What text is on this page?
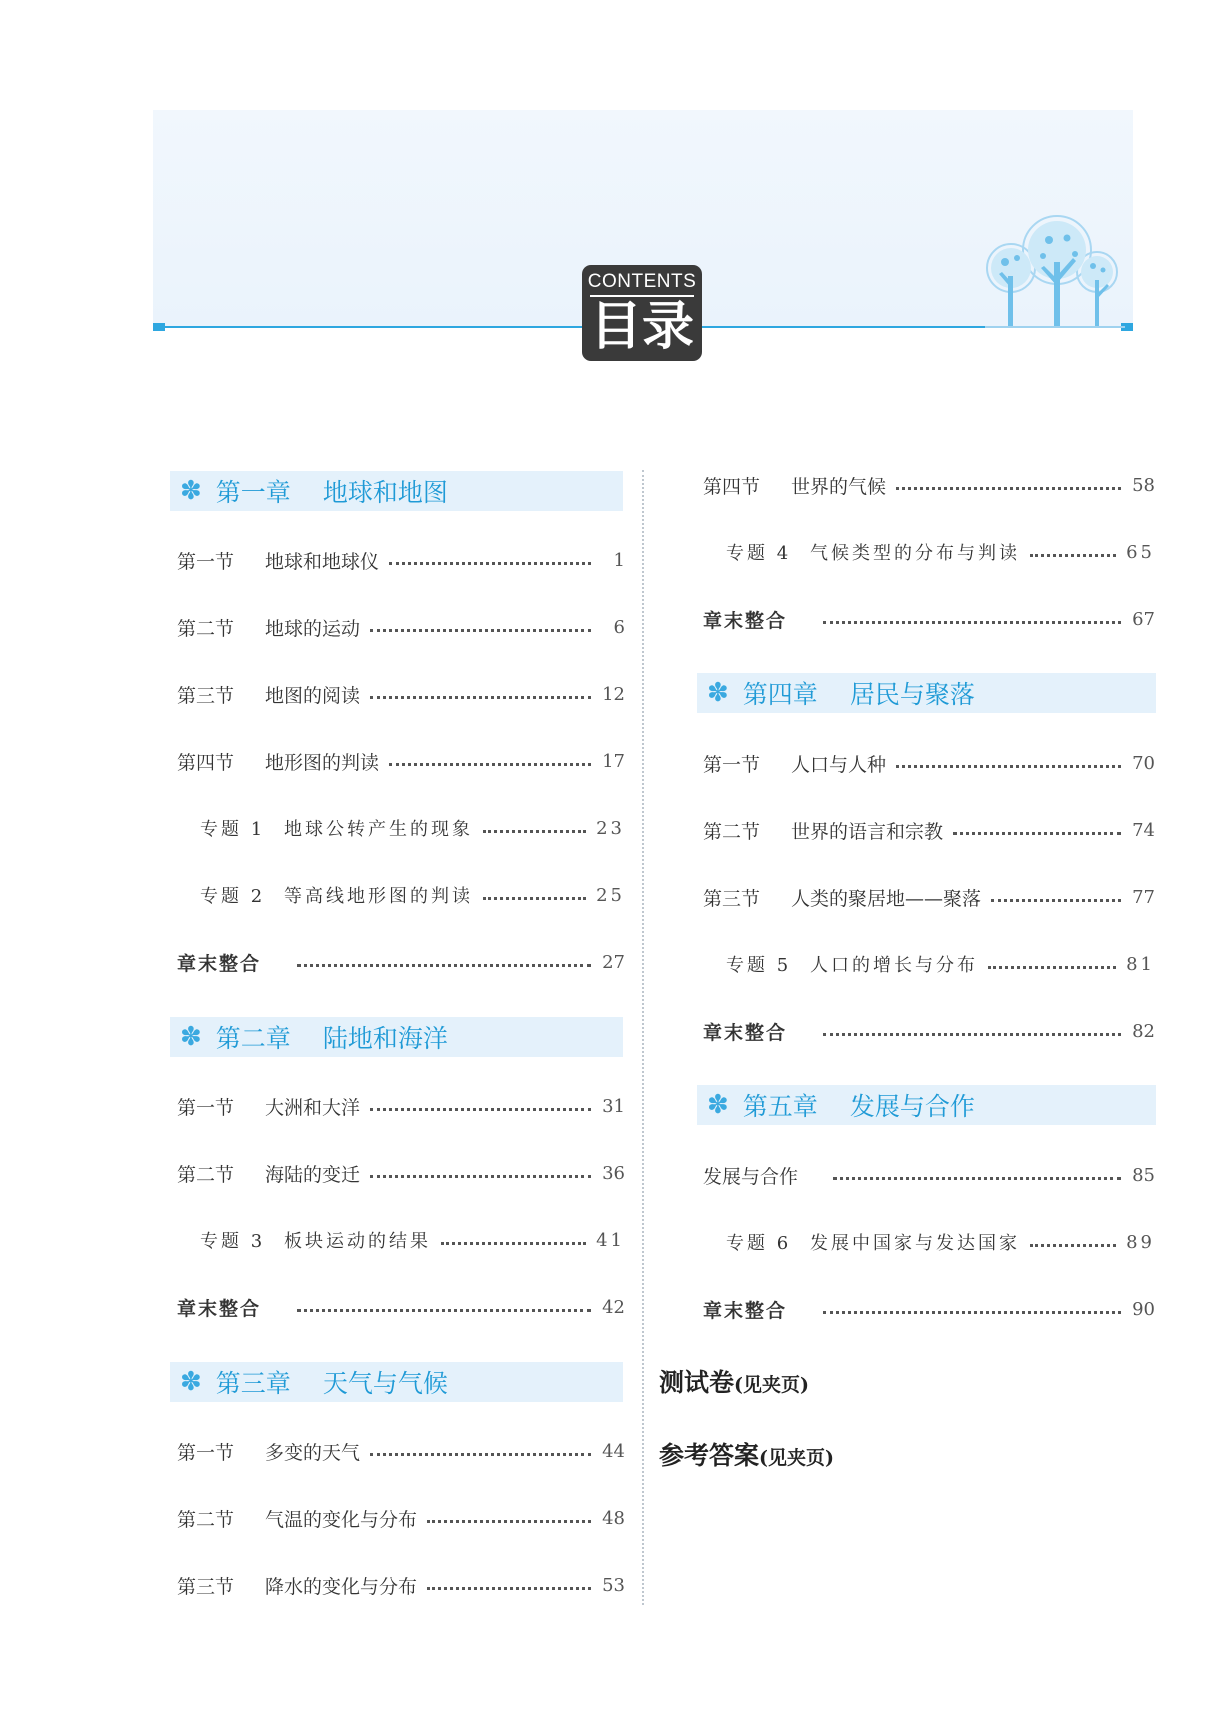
CONTENTS
目录
✽ 第一章 地球和地图
第一节	地球和地球仪	1
第二节	地球的运动	6
第三节	地图的阅读	12
第四节	地形图的判读	17
专题 1	地球公转产生的现象	23
专题 2	等高线地形图的判读	25
章末整合	27
✽ 第二章 陆地和海洋
第一节	大洲和大洋	31
第二节	海陆的变迁	36
专题 3	板块运动的结果	41
章末整合	42
✽ 第三章 天气与气候
第一节	多变的天气	44
第二节	气温的变化与分布	48
第三节	降水的变化与分布	53
第四节	世界的气候	58
专题 4	气候类型的分布与判读	65
章末整合	67
✽ 第四章 居民与聚落
第一节	人口与人种	70
第二节	世界的语言和宗教	74
第三节	人类的聚居地——聚落	77
专题 5	人口的增长与分布	81
章末整合	82
✽ 第五章 发展与合作
发展与合作	85
专题 6	发展中国家与发达国家	89
章末整合	90
测试卷(见夹页)
参考答案(见夹页)
